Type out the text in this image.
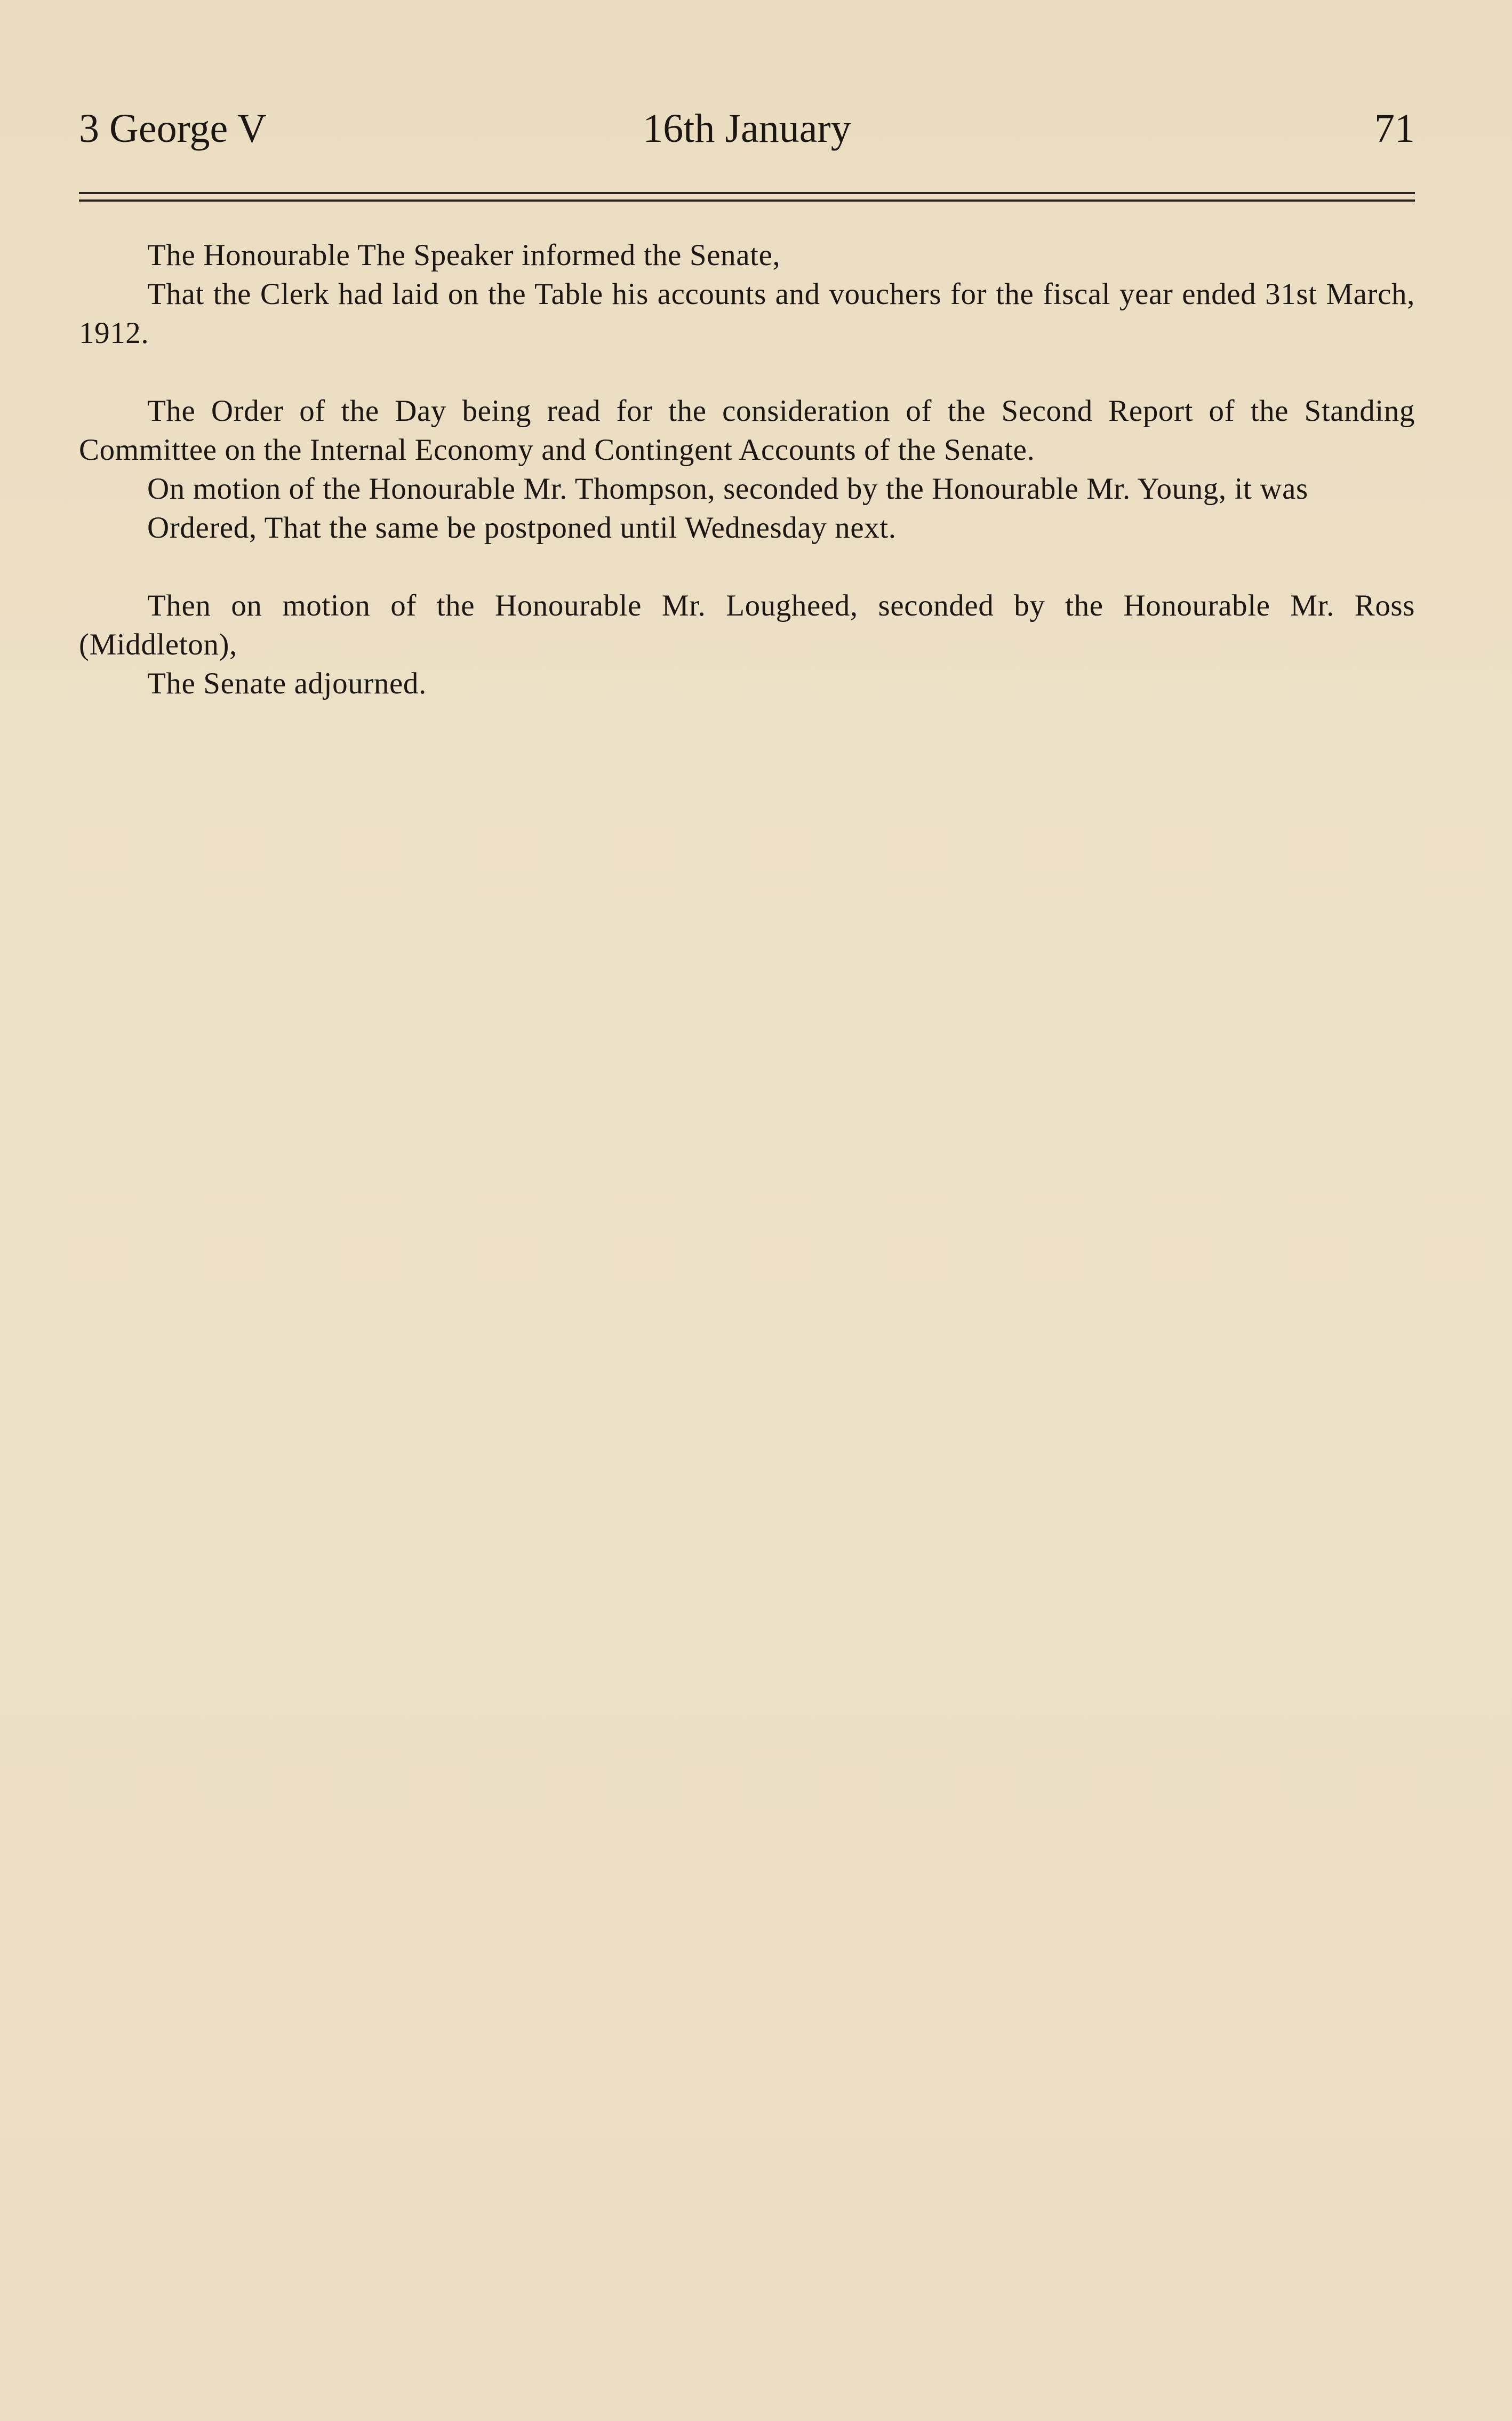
16th January
3 George V	71

The Honourable The Speaker informed the Senate,

That the Clerk had laid on the Table his accounts and vouchers for the fiscal year ended 31st March, 1912.

The Order of the Day being read for the consideration of the Second Report of the Standing Committee on the Internal Economy and Contingent Accounts of the Senate.

On motion of the Honourable Mr. Thompson, seconded by the Honourable Mr. Young, it was

Ordered, That the same be postponed until Wednesday next.

Then on motion of the Honourable Mr. Lougheed, seconded by the Honourable Mr. Ross (Middleton),

The Senate adjourned.
